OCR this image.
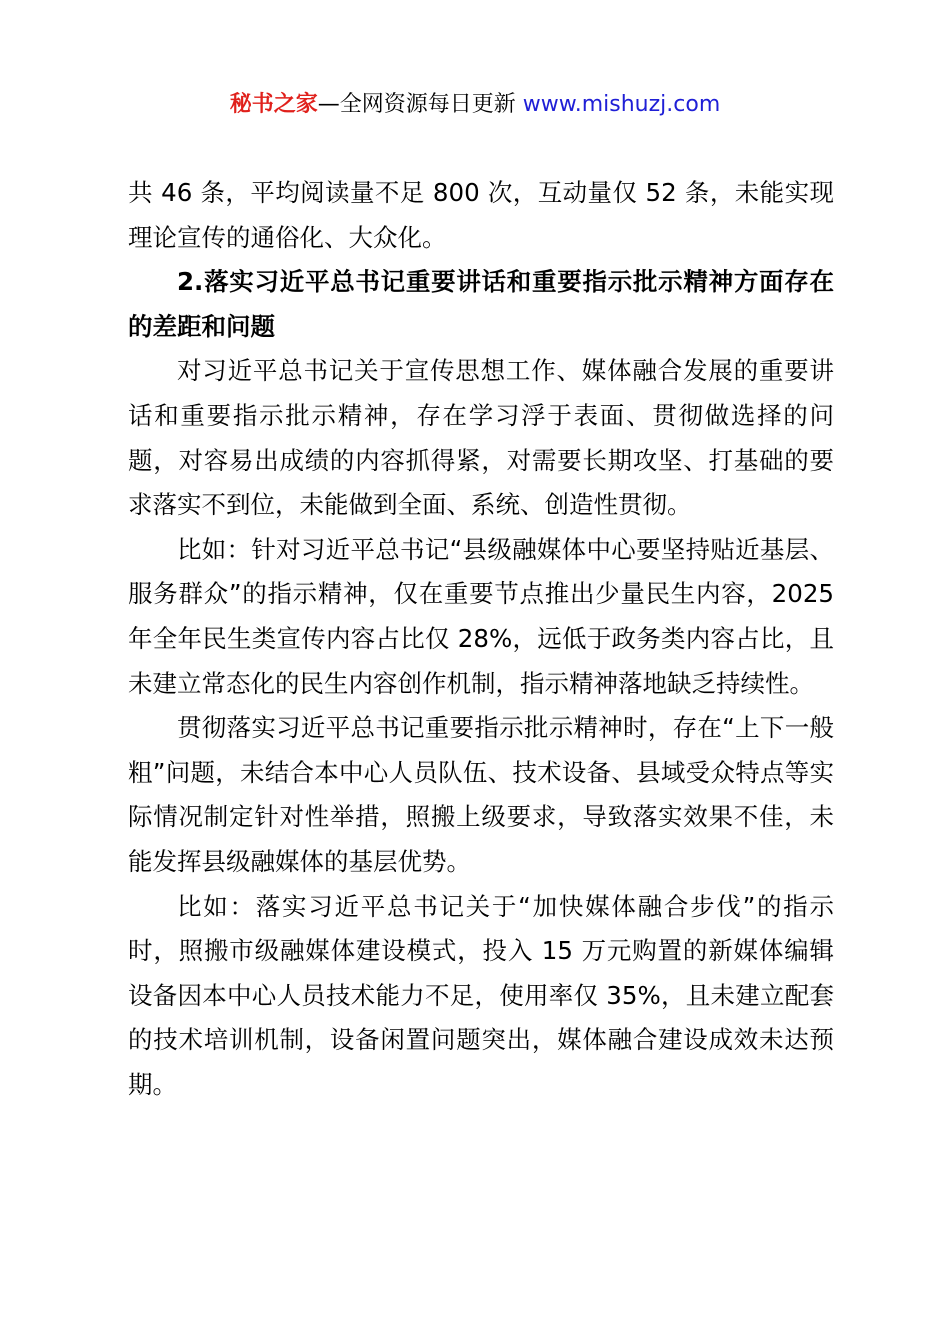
秘书之家—全网资源每日更新 www.mishuzj.com

共 46 条，平均阅读量不足 800 次，互动量仅 52 条，未能实现理论宣传的通俗化、大众化。

2.落实习近平总书记重要讲话和重要指示批示精神方面存在的差距和问题

对习近平总书记关于宣传思想工作、媒体融合发展的重要讲话和重要指示批示精神，存在学习浮于表面、贯彻做选择的问题，对容易出成绩的内容抓得紧，对需要长期攻坚、打基础的要求落实不到位，未能做到全面、系统、创造性贯彻。

比如：针对习近平总书记“县级融媒体中心要坚持贴近基层、服务群众”的指示精神，仅在重要节点推出少量民生内容，2025 年全年民生类宣传内容占比仅 28%，远低于政务类内容占比，且未建立常态化的民生内容创作机制，指示精神落地缺乏持续性。

贯彻落实习近平总书记重要指示批示精神时，存在“上下一般粗”问题，未结合本中心人员队伍、技术设备、县域受众特点等实际情况制定针对性举措，照搬上级要求，导致落实效果不佳，未能发挥县级融媒体的基层优势。

比如：落实习近平总书记关于“加快媒体融合步伐”的指示时，照搬市级融媒体建设模式，投入 15 万元购置的新媒体编辑设备因本中心人员技术能力不足，使用率仅 35%，且未建立配套的技术培训机制，设备闲置问题突出，媒体融合建设成效未达预期。
